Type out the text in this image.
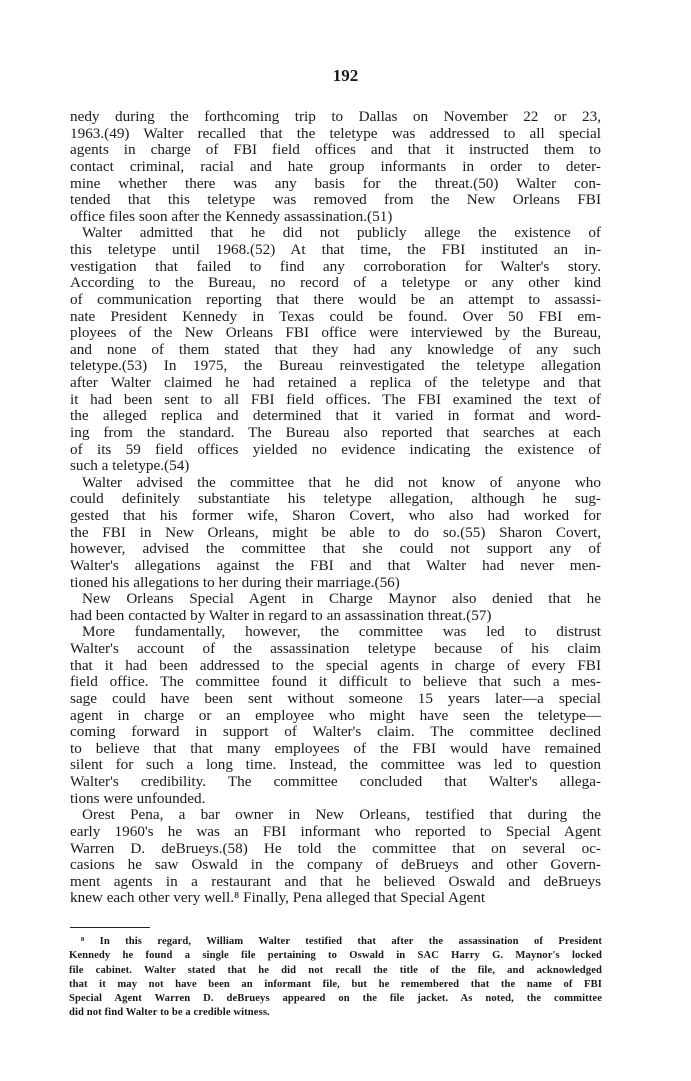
192
nedy during the forthcoming trip to Dallas on November 22 or 23,
1963.(49) Walter recalled that the teletype was addressed to all special
agents in charge of FBI field offices and that it instructed them to
contact criminal, racial and hate group informants in order to deter-
mine whether there was any basis for the threat.(50) Walter con-
tended that this teletype was removed from the New Orleans FBI
office files soon after the Kennedy assassination.(51)
Walter admitted that he did not publicly allege the existence of
this teletype until 1968.(52) At that time, the FBI instituted an in-
vestigation that failed to find any corroboration for Walter's story.
According to the Bureau, no record of a teletype or any other kind
of communication reporting that there would be an attempt to assassi-
nate President Kennedy in Texas could be found. Over 50 FBI em-
ployees of the New Orleans FBI office were interviewed by the Bureau,
and none of them stated that they had any knowledge of any such
teletype.(53) In 1975, the Bureau reinvestigated the teletype allegation
after Walter claimed he had retained a replica of the teletype and that
it had been sent to all FBI field offices. The FBI examined the text of
the alleged replica and determined that it varied in format and word-
ing from the standard. The Bureau also reported that searches at each
of its 59 field offices yielded no evidence indicating the existence of
such a teletype.(54)
Walter advised the committee that he did not know of anyone who
could definitely substantiate his teletype allegation, although he sug-
gested that his former wife, Sharon Covert, who also had worked for
the FBI in New Orleans, might be able to do so.(55) Sharon Covert,
however, advised the committee that she could not support any of
Walter's allegations against the FBI and that Walter had never men-
tioned his allegations to her during their marriage.(56)
New Orleans Special Agent in Charge Maynor also denied that he
had been contacted by Walter in regard to an assassination threat.(57)
More fundamentally, however, the committee was led to distrust
Walter's account of the assassination teletype because of his claim
that it had been addressed to the special agents in charge of every FBI
field office. The committee found it difficult to believe that such a mes-
sage could have been sent without someone 15 years later—a special
agent in charge or an employee who might have seen the teletype—
coming forward in support of Walter's claim. The committee declined
to believe that that many employees of the FBI would have remained
silent for such a long time. Instead, the committee was led to question
Walter's credibility. The committee concluded that Walter's allega-
tions were unfounded.
Orest Pena, a bar owner in New Orleans, testified that during the
early 1960's he was an FBI informant who reported to Special Agent
Warren D. deBrueys.(58) He told the committee that on several oc-
casions he saw Oswald in the company of deBrueys and other Govern-
ment agents in a restaurant and that he believed Oswald and deBrueys
knew each other very well.⁸ Finally, Pena alleged that Special Agent
⁸ In this regard, William Walter testified that after the assassination of President
Kennedy he found a single file pertaining to Oswald in SAC Harry G. Maynor's locked
file cabinet. Walter stated that he did not recall the title of the file, and acknowledged
that it may not have been an informant file, but he remembered that the name of FBI
Special Agent Warren D. deBrueys appeared on the file jacket. As noted, the committee
did not find Walter to be a credible witness.
